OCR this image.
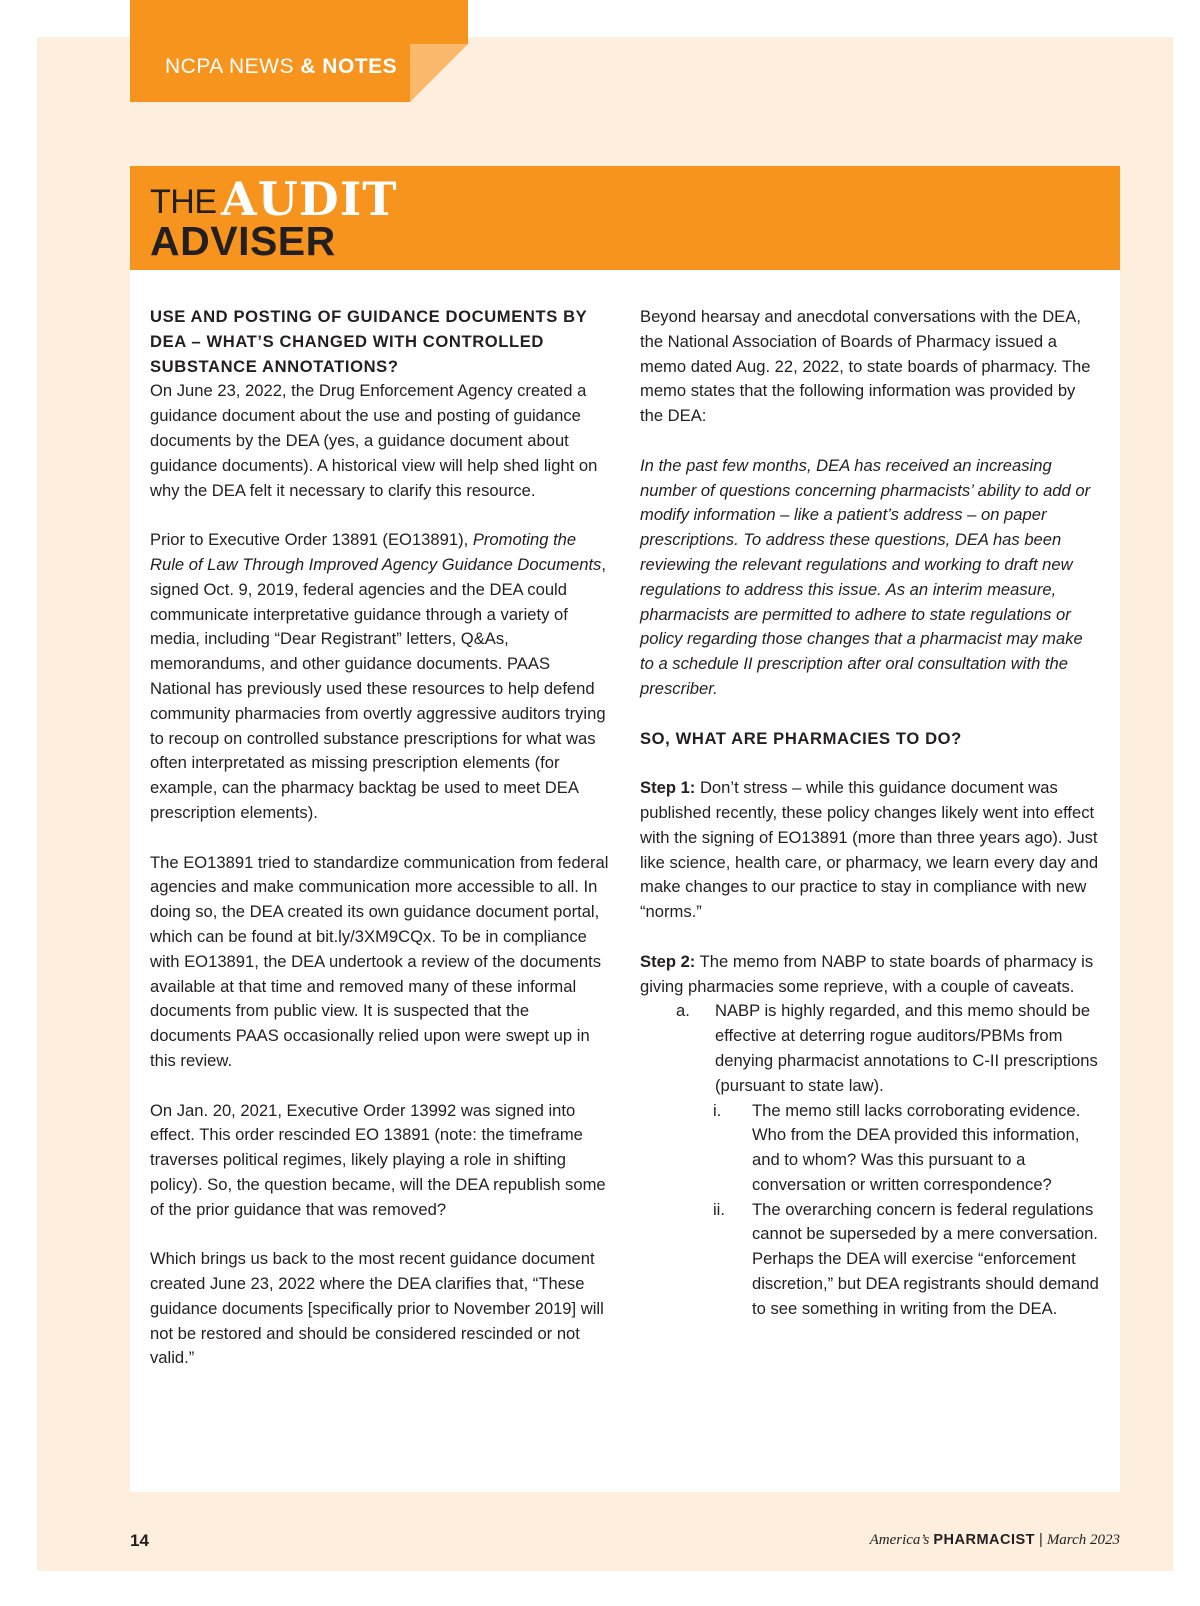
NCPA NEWS & NOTES
THE AUDIT
ADVISER

USE AND POSTING OF GUIDANCE DOCUMENTS BY DEA – WHAT’S CHANGED WITH CONTROLLED SUBSTANCE ANNOTATIONS?

On June 23, 2022, the Drug Enforcement Agency created a guidance document about the use and posting of guidance documents by the DEA (yes, a guidance document about guidance documents). A historical view will help shed light on why the DEA felt it necessary to clarify this resource.

Prior to Executive Order 13891 (EO13891), Promoting the Rule of Law Through Improved Agency Guidance Documents, signed Oct. 9, 2019, federal agencies and the DEA could communicate interpretative guidance through a variety of media, including “Dear Registrant” letters, Q&As, memorandums, and other guidance documents. PAAS National has previously used these resources to help defend community pharmacies from overtly aggressive auditors trying to recoup on controlled substance prescriptions for what was often interpretated as missing prescription elements (for example, can the pharmacy backtag be used to meet DEA prescription elements).

The EO13891 tried to standardize communication from federal agencies and make communication more accessible to all. In doing so, the DEA created its own guidance document portal, which can be found at bit.ly/3XM9CQx. To be in compliance with EO13891, the DEA undertook a review of the documents available at that time and removed many of these informal documents from public view. It is suspected that the documents PAAS occasionally relied upon were swept up in this review.

On Jan. 20, 2021, Executive Order 13992 was signed into effect. This order rescinded EO 13891 (note: the timeframe traverses political regimes, likely playing a role in shifting policy). So, the question became, will the DEA republish some of the prior guidance that was removed?

Which brings us back to the most recent guidance document created June 23, 2022 where the DEA clarifies that, “These guidance documents [specifically prior to November 2019] will not be restored and should be considered rescinded or not valid.”

Beyond hearsay and anecdotal conversations with the DEA, the National Association of Boards of Pharmacy issued a memo dated Aug. 22, 2022, to state boards of pharmacy. The memo states that the following information was provided by the DEA:

In the past few months, DEA has received an increasing number of questions concerning pharmacists’ ability to add or modify information – like a patient’s address – on paper prescriptions. To address these questions, DEA has been reviewing the relevant regulations and working to draft new regulations to address this issue. As an interim measure, pharmacists are permitted to adhere to state regulations or policy regarding those changes that a pharmacist may make to a schedule II prescription after oral consultation with the prescriber.

SO, WHAT ARE PHARMACIES TO DO?

Step 1: Don’t stress – while this guidance document was published recently, these policy changes likely went into effect with the signing of EO13891 (more than three years ago). Just like science, health care, or pharmacy, we learn every day and make changes to our practice to stay in compliance with new “norms.”

Step 2: The memo from NABP to state boards of pharmacy is giving pharmacies some reprieve, with a couple of caveats.

a. NABP is highly regarded, and this memo should be effective at deterring rogue auditors/PBMs from denying pharmacist annotations to C-II prescriptions (pursuant to state law).
i. The memo still lacks corroborating evidence. Who from the DEA provided this information, and to whom? Was this pursuant to a conversation or written correspondence?
ii. The overarching concern is federal regulations cannot be superseded by a mere conversation. Perhaps the DEA will exercise “enforcement discretion,” but DEA registrants should demand to see something in writing from the DEA.
14	America’s PHARMACIST | March 2023
